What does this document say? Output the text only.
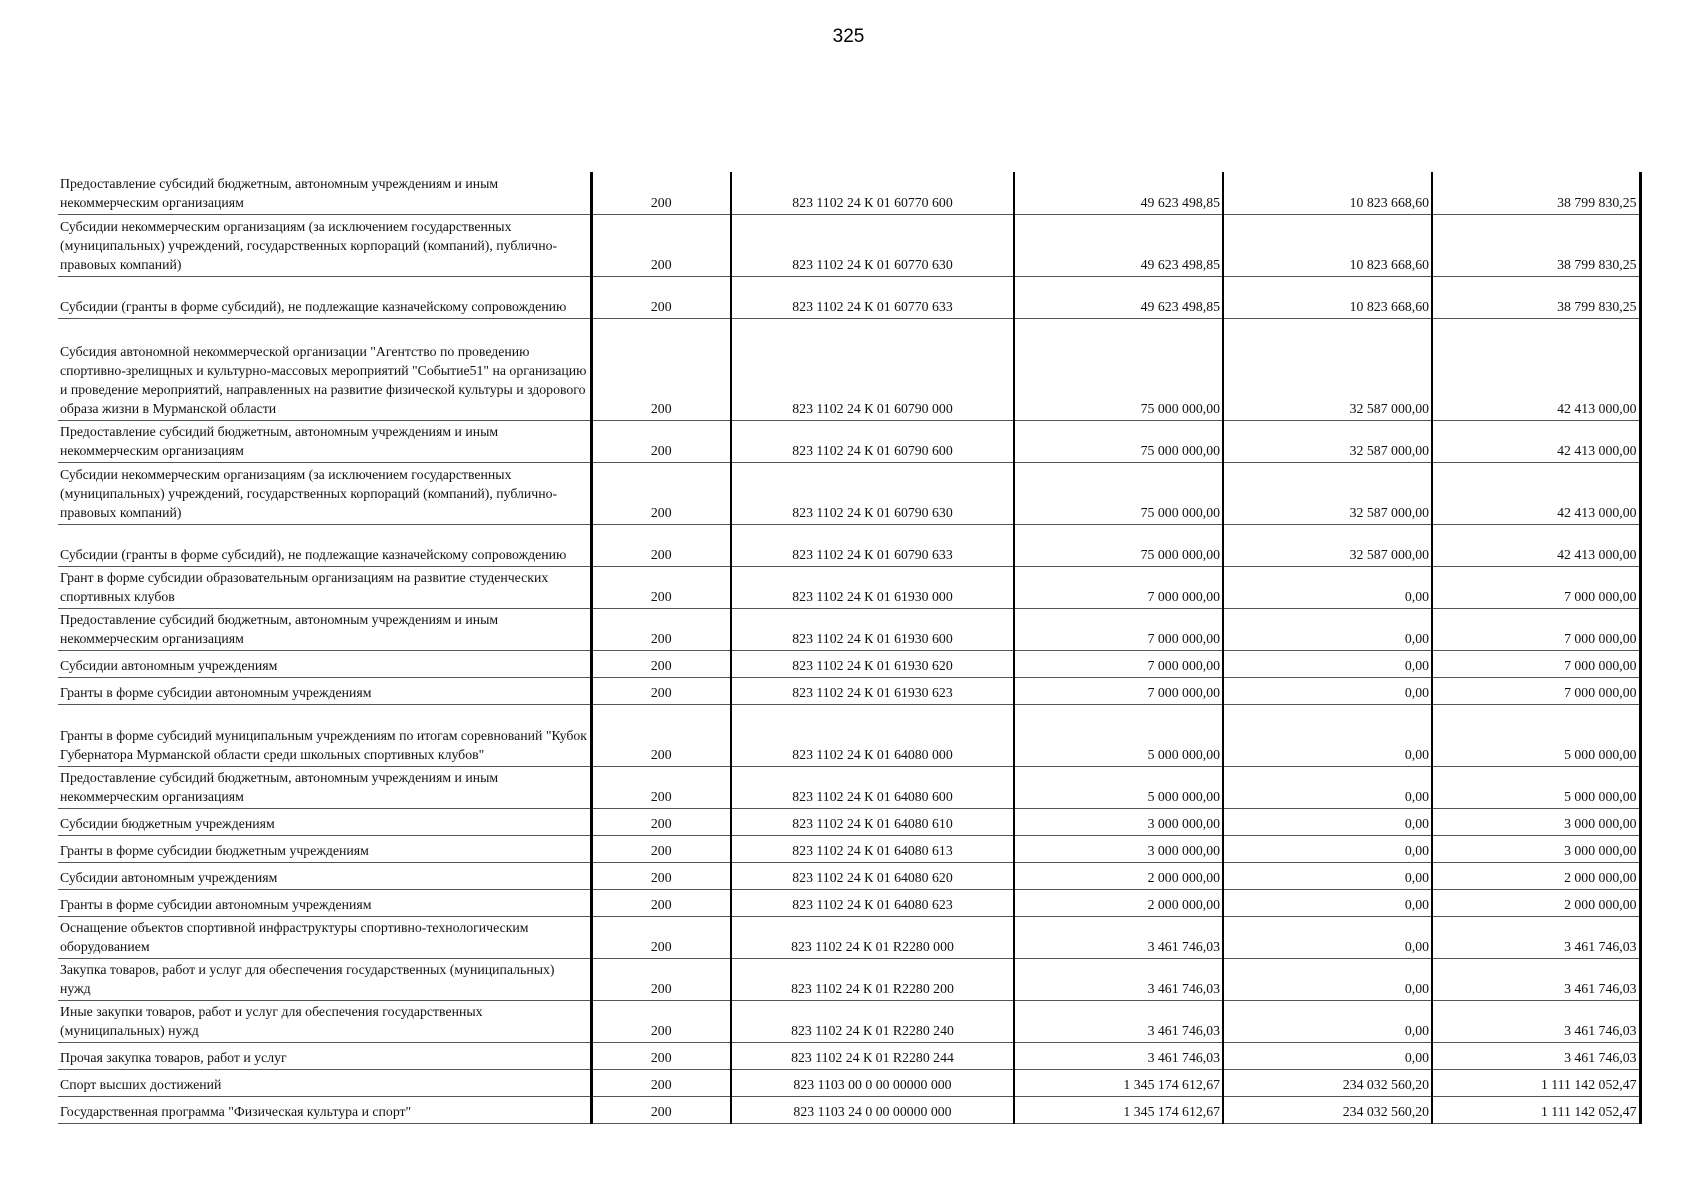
325
Предоставление субсидий бюджетным, автономным учреждениям и иным некоммерческим организациям	200	823 1102 24 К 01 60770 600	49 623 498,85	10 823 668,60	38 799 830,25
Субсидии некоммерческим организациям (за исключением государственных (муниципальных) учреждений, государственных корпораций (компаний), публично-правовых компаний)	200	823 1102 24 К 01 60770 630	49 623 498,85	10 823 668,60	38 799 830,25
Субсидии (гранты в форме субсидий), не подлежащие казначейскому сопровождению	200	823 1102 24 К 01 60770 633	49 623 498,85	10 823 668,60	38 799 830,25
Субсидия автономной некоммерческой организации "Агентство по проведению спортивно-зрелищных и культурно-массовых мероприятий "Событие51" на организацию и проведение мероприятий, направленных на развитие физической культуры и здорового образа жизни в Мурманской области	200	823 1102 24 К 01 60790 000	75 000 000,00	32 587 000,00	42 413 000,00
Предоставление субсидий бюджетным, автономным учреждениям и иным некоммерческим организациям	200	823 1102 24 К 01 60790 600	75 000 000,00	32 587 000,00	42 413 000,00
Субсидии некоммерческим организациям (за исключением государственных (муниципальных) учреждений, государственных корпораций (компаний), публично-правовых компаний)	200	823 1102 24 К 01 60790 630	75 000 000,00	32 587 000,00	42 413 000,00
Субсидии (гранты в форме субсидий), не подлежащие казначейскому сопровождению	200	823 1102 24 К 01 60790 633	75 000 000,00	32 587 000,00	42 413 000,00
Грант в форме субсидии образовательным организациям на развитие студенческих спортивных клубов	200	823 1102 24 К 01 61930 000	7 000 000,00	0,00	7 000 000,00
Предоставление субсидий бюджетным, автономным учреждениям и иным некоммерческим организациям	200	823 1102 24 К 01 61930 600	7 000 000,00	0,00	7 000 000,00
Субсидии автономным учреждениям	200	823 1102 24 К 01 61930 620	7 000 000,00	0,00	7 000 000,00
Гранты в форме субсидии автономным учреждениям	200	823 1102 24 К 01 61930 623	7 000 000,00	0,00	7 000 000,00
Гранты в форме субсидий муниципальным учреждениям по итогам соревнований "Кубок Губернатора Мурманской области среди школьных спортивных клубов"	200	823 1102 24 К 01 64080 000	5 000 000,00	0,00	5 000 000,00
Предоставление субсидий бюджетным, автономным учреждениям и иным некоммерческим организациям	200	823 1102 24 К 01 64080 600	5 000 000,00	0,00	5 000 000,00
Субсидии бюджетным учреждениям	200	823 1102 24 К 01 64080 610	3 000 000,00	0,00	3 000 000,00
Гранты в форме субсидии бюджетным учреждениям	200	823 1102 24 К 01 64080 613	3 000 000,00	0,00	3 000 000,00
Субсидии автономным учреждениям	200	823 1102 24 К 01 64080 620	2 000 000,00	0,00	2 000 000,00
Гранты в форме субсидии автономным учреждениям	200	823 1102 24 К 01 64080 623	2 000 000,00	0,00	2 000 000,00
Оснащение объектов спортивной инфраструктуры спортивно-технологическим оборудованием	200	823 1102 24 К 01 R2280 000	3 461 746,03	0,00	3 461 746,03
Закупка товаров, работ и услуг для обеспечения государственных (муниципальных) нужд	200	823 1102 24 К 01 R2280 200	3 461 746,03	0,00	3 461 746,03
Иные закупки товаров, работ и услуг для обеспечения государственных (муниципальных) нужд	200	823 1102 24 К 01 R2280 240	3 461 746,03	0,00	3 461 746,03
Прочая закупка товаров, работ и услуг	200	823 1102 24 К 01 R2280 244	3 461 746,03	0,00	3 461 746,03
Спорт высших достижений	200	823 1103 00 0 00 00000 000	1 345 174 612,67	234 032 560,20	1 111 142 052,47
Государственная программа "Физическая культура и спорт"	200	823 1103 24 0 00 00000 000	1 345 174 612,67	234 032 560,20	1 111 142 052,47
